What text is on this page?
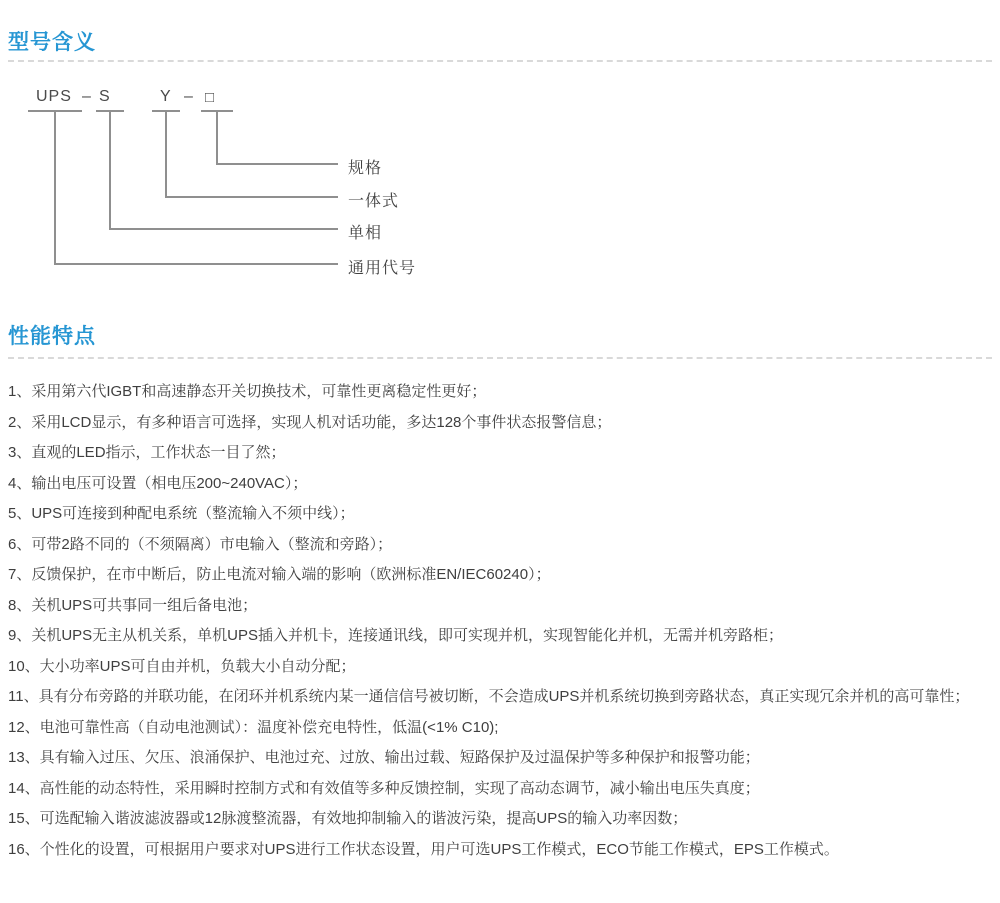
型号含义
UPS – S	Y – □
规格
一体式
单相
通用代号
性能特点
1、采用第六代IGBT和高速静态开关切换技术，可靠性更离稳定性更好；
2、采用LCD显示，有多种语言可选择，实现人机对话功能，多达128个事件状态报警信息；
3、直观的LED指示，工作状态一目了然；
4、输出电压可设置（相电压200~240VAC）；
5、UPS可连接到种配电系统（整流输入不须中线）；
6、可带2路不同的（不须隔离）市电输入（整流和旁路）；
7、反馈保护，在市中断后，防止电流对输入端的影响（欧洲标准EN/IEC60240）；
8、关机UPS可共事同一组后备电池；
9、关机UPS无主从机关系，单机UPS插入并机卡，连接通讯线，即可实现并机，实现智能化并机，无需并机旁路柜；
10、大小功率UPS可自由并机，负载大小自动分配；
11、具有分布旁路的并联功能，在闭环并机系统内某一通信信号被切断，不会造成UPS并机系统切换到旁路状态，真正实现冗余并机的高可靠性；
12、电池可靠性高（自动电池测试）：温度补偿充电特性，低温(<1% C10);
13、具有输入过压、欠压、浪涌保护、电池过充、过放、输出过载、短路保护及过温保护等多种保护和报警功能；
14、高性能的动态特性，采用瞬时控制方式和有效值等多种反馈控制，实现了高动态调节，减小输出电压失真度；
15、可选配输入谐波滤波器或12脉渡整流器，有效地抑制输入的谐波污染，提高UPS的输入功率因数；
16、个性化的设置，可根据用户要求对UPS进行工作状态设置，用户可选UPS工作模式，ECO节能工作模式，EPS工作模式。
